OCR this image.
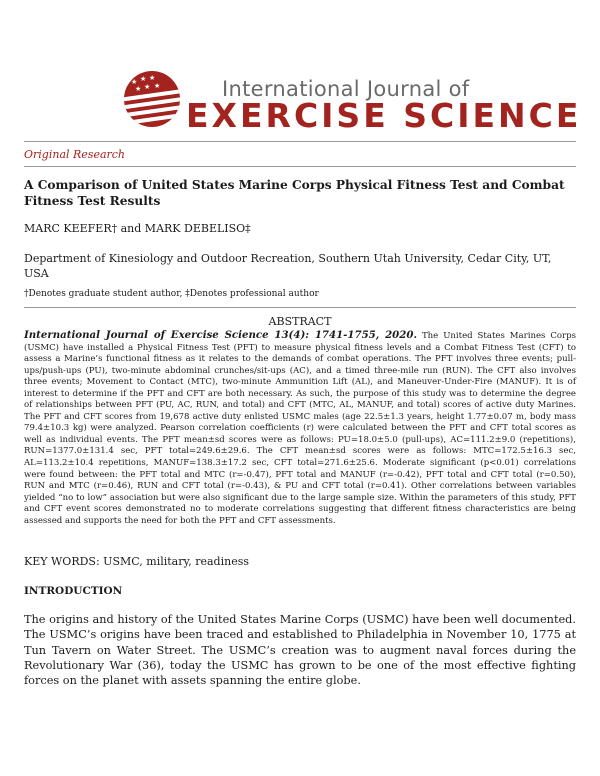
★ ★ ★
★ ★ ★	International Journal of
EXERCISE SCIENCE
Original Research
A Comparison of United States Marine Corps Physical Fitness Test and Combat Fitness Test Results
MARC KEEFER† and MARK DEBELISO‡
Department of Kinesiology and Outdoor Recreation, Southern Utah University, Cedar City, UT, USA
†Denotes graduate student author, ‡Denotes professional author
ABSTRACT
International Journal of Exercise Science 13(4): 1741-1755, 2020. The United States Marines Corps (USMC) have installed a Physical Fitness Test (PFT) to measure physical fitness levels and a Combat Fitness Test (CFT) to assess a Marine’s functional fitness as it relates to the demands of combat operations. The PFT involves three events; pull-ups/push-ups (PU), two-minute abdominal crunches/sit-ups (AC), and a timed three-mile run (RUN). The CFT also involves three events; Movement to Contact (MTC), two-minute Ammunition Lift (AL), and Maneuver-Under-Fire (MANUF). It is of interest to determine if the PFT and CFT are both necessary. As such, the purpose of this study was to determine the degree of relationships between PFT (PU, AC, RUN, and total) and CFT (MTC, AL, MANUF, and total) scores of active duty Marines. The PFT and CFT scores from 19,678 active duty enlisted USMC males (age 22.5±1.3 years, height 1.77±0.07 m, body mass 79.4±10.3 kg) were analyzed. Pearson correlation coefficients (r) were calculated between the PFT and CFT total scores as well as individual events. The PFT mean±sd scores were as follows: PU=18.0±5.0 (pull-ups), AC=111.2±9.0 (repetitions), RUN=1377.0±131.4 sec, PFT total=249.6±29.6. The CFT mean±sd scores were as follows: MTC=172.5±16.3 sec, AL=113.2±10.4 repetitions, MANUF=138.3±17.2 sec, CFT total=271.6±25.6. Moderate significant (p<0.01) correlations were found between: the PFT total and MTC (r=-0.47), PFT total and MANUF (r=-0.42), PFT total and CFT total (r=0.50), RUN and MTC (r=0.46), RUN and CFT total (r=-0.43), & PU and CFT total (r=0.41). Other correlations between variables yielded “no to low” association but were also significant due to the large sample size. Within the parameters of this study, PFT and CFT event scores demonstrated no to moderate correlations suggesting that different fitness characteristics are being assessed and supports the need for both the PFT and CFT assessments.
KEY WORDS: USMC, military, readiness
INTRODUCTION
The origins and history of the United States Marine Corps (USMC) have been well documented. The USMC’s origins have been traced and established to Philadelphia in November 10, 1775 at Tun Tavern on Water Street. The USMC’s creation was to augment naval forces during the Revolutionary War (36), today the USMC has grown to be one of the most effective fighting forces on the planet with assets spanning the entire globe.
